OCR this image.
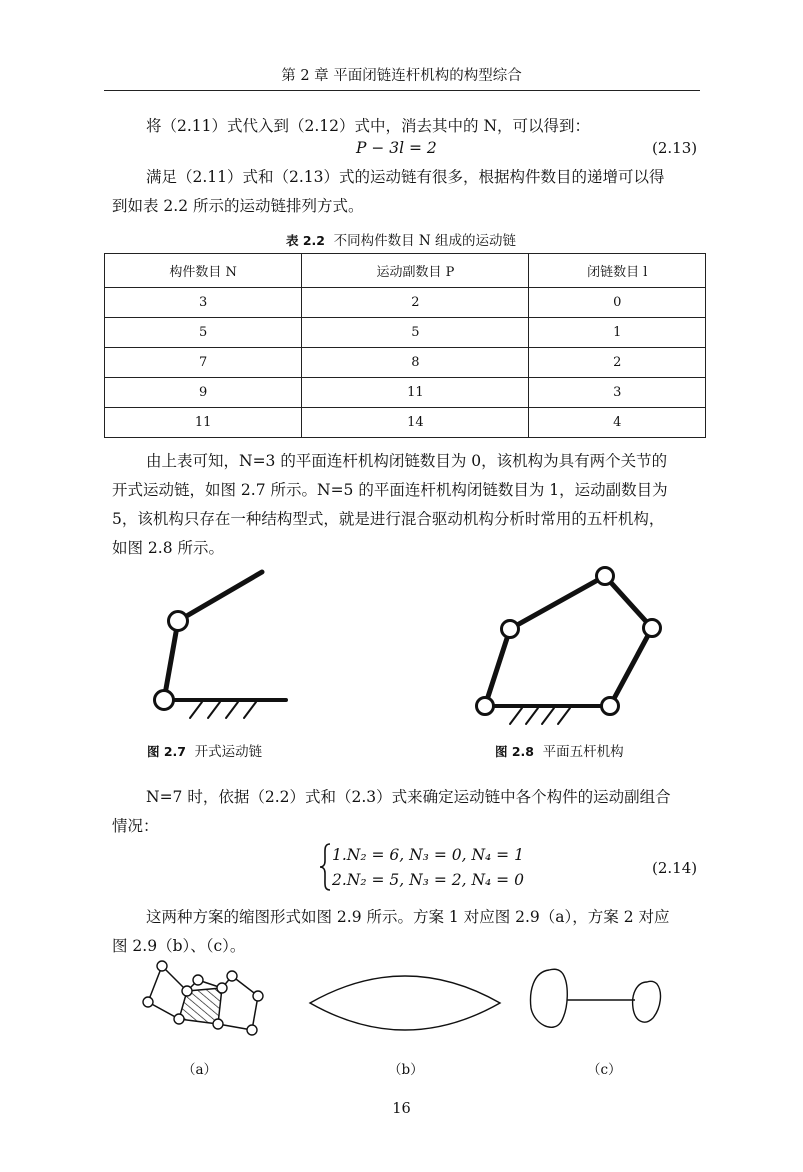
第 2 章 平面闭链连杆机构的构型综合
将（2.11）式代入到（2.12）式中，消去其中的 N，可以得到：
P − 3l = 2	(2.13)
满足（2.11）式和（2.13）式的运动链有很多，根据构件数目的递增可以得
到如表 2.2 所示的运动链排列方式。
表 2.2 不同构件数目 N 组成的运动链
构件数目 N	运动副数目 P	闭链数目 l
3	2	0
5	5	1
7	8	2
9	11	3
11	14	4
由上表可知，N=3 的平面连杆机构闭链数目为 0，该机构为具有两个关节的
开式运动链，如图 2.7 所示。N=5 的平面连杆机构闭链数目为 1，运动副数目为
5，该机构只存在一种结构型式，就是进行混合驱动机构分析时常用的五杆机构，
如图 2.8 所示。
图 2.7 开式运动链	图 2.8 平面五杆机构
N=7 时，依据（2.2）式和（2.3）式来确定运动链中各个构件的运动副组合
情况：
1.N₂ = 6, N₃ = 0, N₄ = 1
2.N₂ = 5, N₃ = 2, N₄ = 0
(2.14)
这两种方案的缩图形式如图 2.9 所示。方案 1 对应图 2.9（a），方案 2 对应
图 2.9（b）、（c）。
（a）	（b）	（c）
16
